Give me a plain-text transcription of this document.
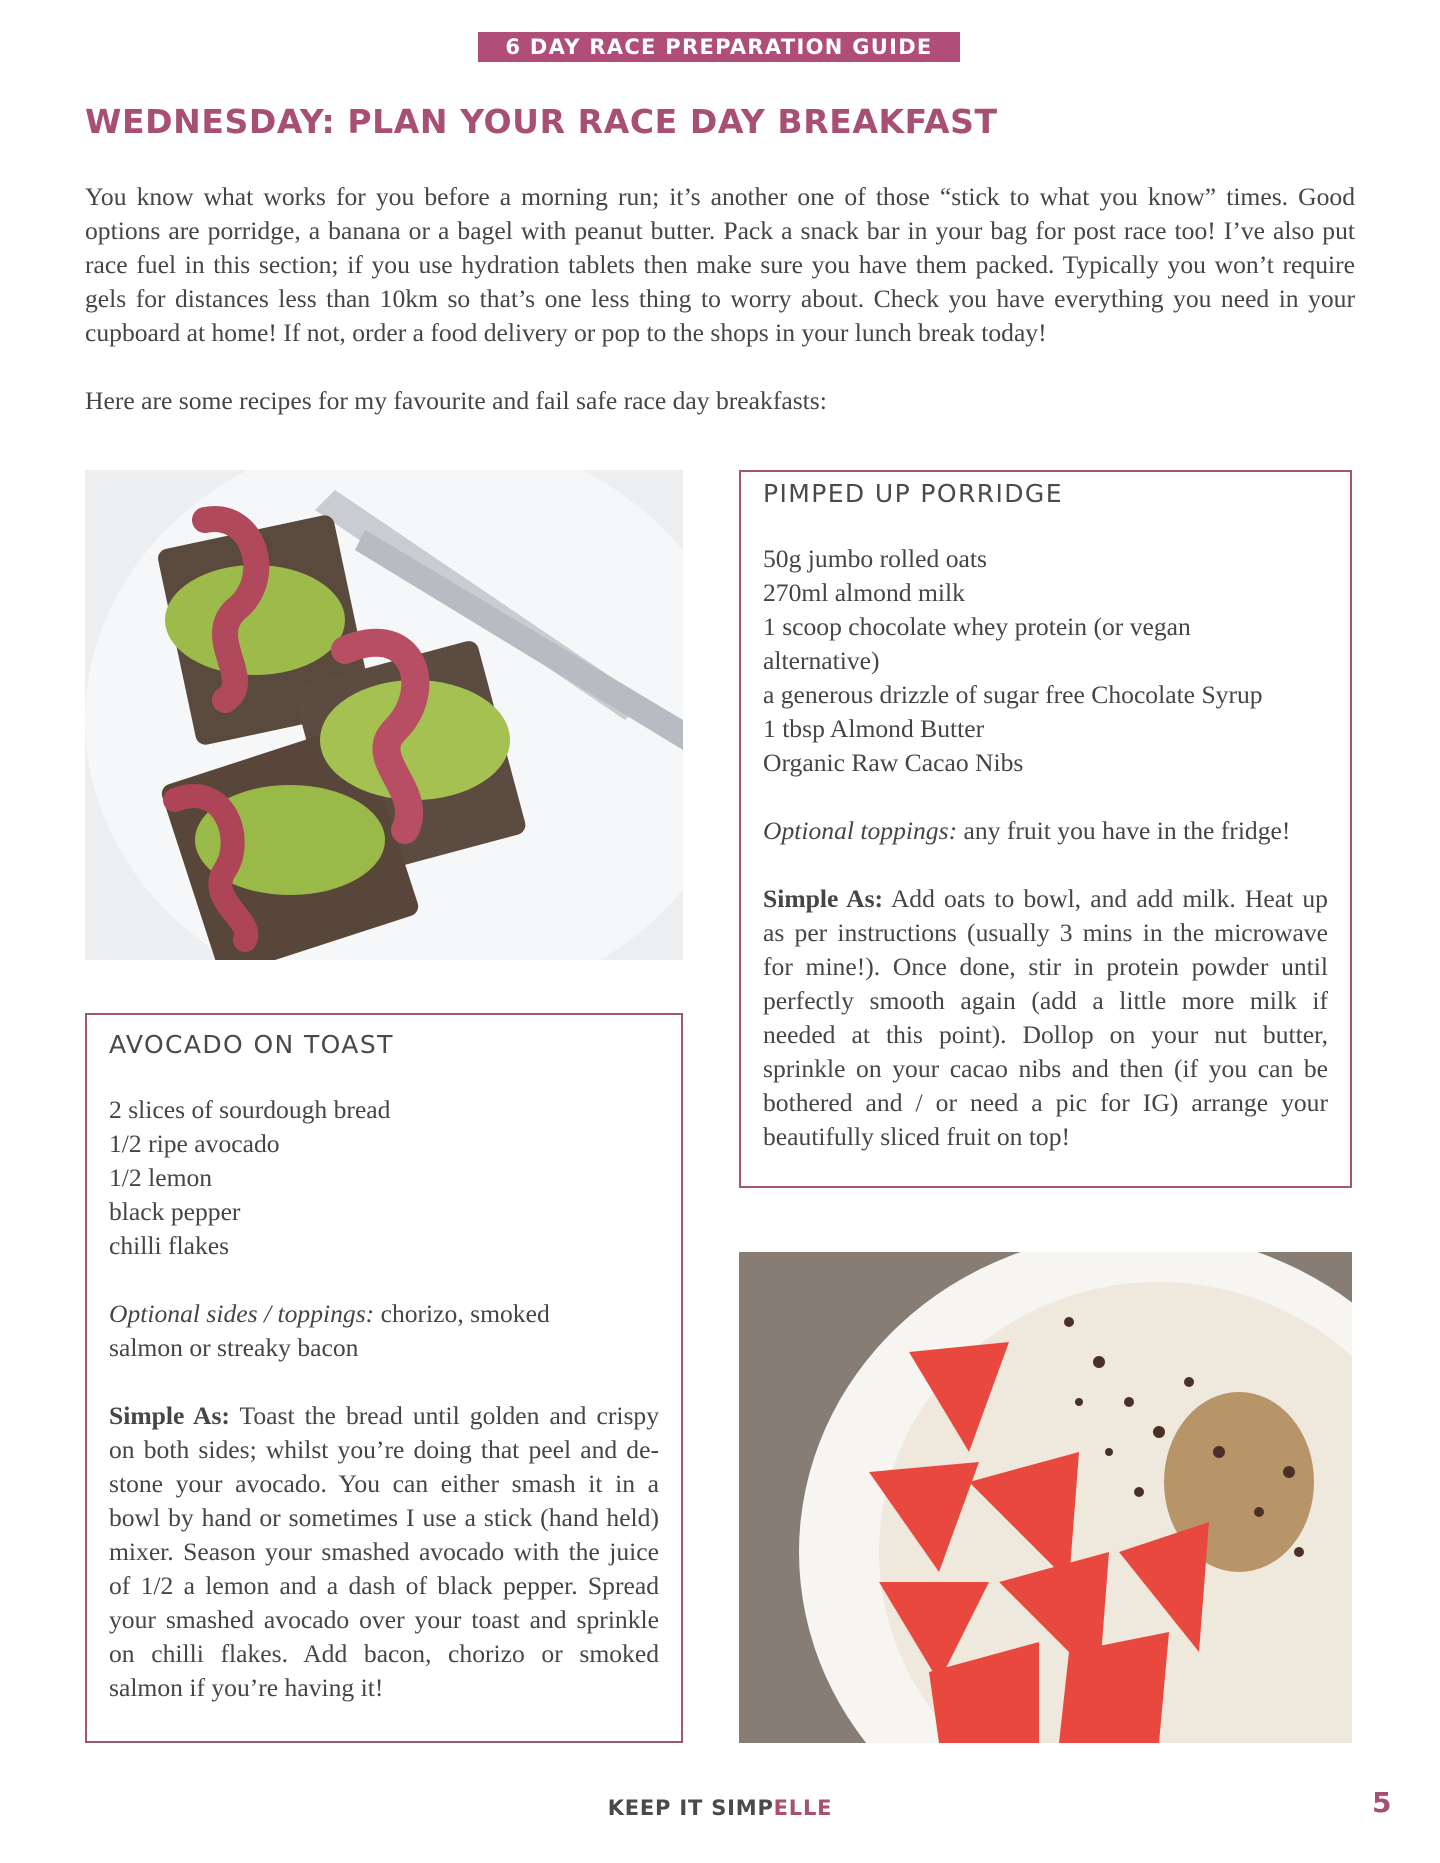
6 DAY RACE PREPARATION GUIDE
WEDNESDAY: PLAN YOUR RACE DAY BREAKFAST

You know what works for you before a morning run; it’s another one of those “stick to what you know” times. Good options are porridge, a banana or a bagel with peanut butter. Pack a snack bar in your bag for post race too! I’ve also put race fuel in this section; if you use hydration tablets then make sure you have them packed. Typically you won’t require gels for distances less than 10km so that’s one less thing to worry about. Check you have everything you need in your cupboard at home! If not, order a food delivery or pop to the shops in your lunch break today!

Here are some recipes for my favourite and fail safe race day breakfasts:

PIMPED UP PORRIDGE
50g jumbo rolled oats
270ml almond milk
1 scoop chocolate whey protein (or vegan alternative)
a generous drizzle of sugar free Chocolate Syrup
1 tbsp Almond Butter
Organic Raw Cacao Nibs

Optional toppings: any fruit you have in the fridge!

Simple As: Add oats to bowl, and add milk. Heat up as per instructions (usually 3 mins in the microwave for mine!). Once done, stir in protein powder until perfectly smooth again (add a little more milk if needed at this point). Dollop on your nut butter, sprinkle on your cacao nibs and then (if you can be bothered and / or need a pic for IG) arrange your beautifully sliced fruit on top!

AVOCADO ON TOAST
2 slices of sourdough bread
1/2 ripe avocado
1/2 lemon
black pepper
chilli flakes

Optional sides / toppings: chorizo, smoked salmon or streaky bacon

Simple As: Toast the bread until golden and crispy on both sides; whilst you’re doing that peel and de-stone your avocado. You can either smash it in a bowl by hand or sometimes I use a stick (hand held) mixer. Season your smashed avocado with the juice of 1/2 a lemon and a dash of black pepper. Spread your smashed avocado over your toast and sprinkle on chilli flakes. Add bacon, chorizo or smoked salmon if you’re having it!

KEEP IT SIMPELLE	5
